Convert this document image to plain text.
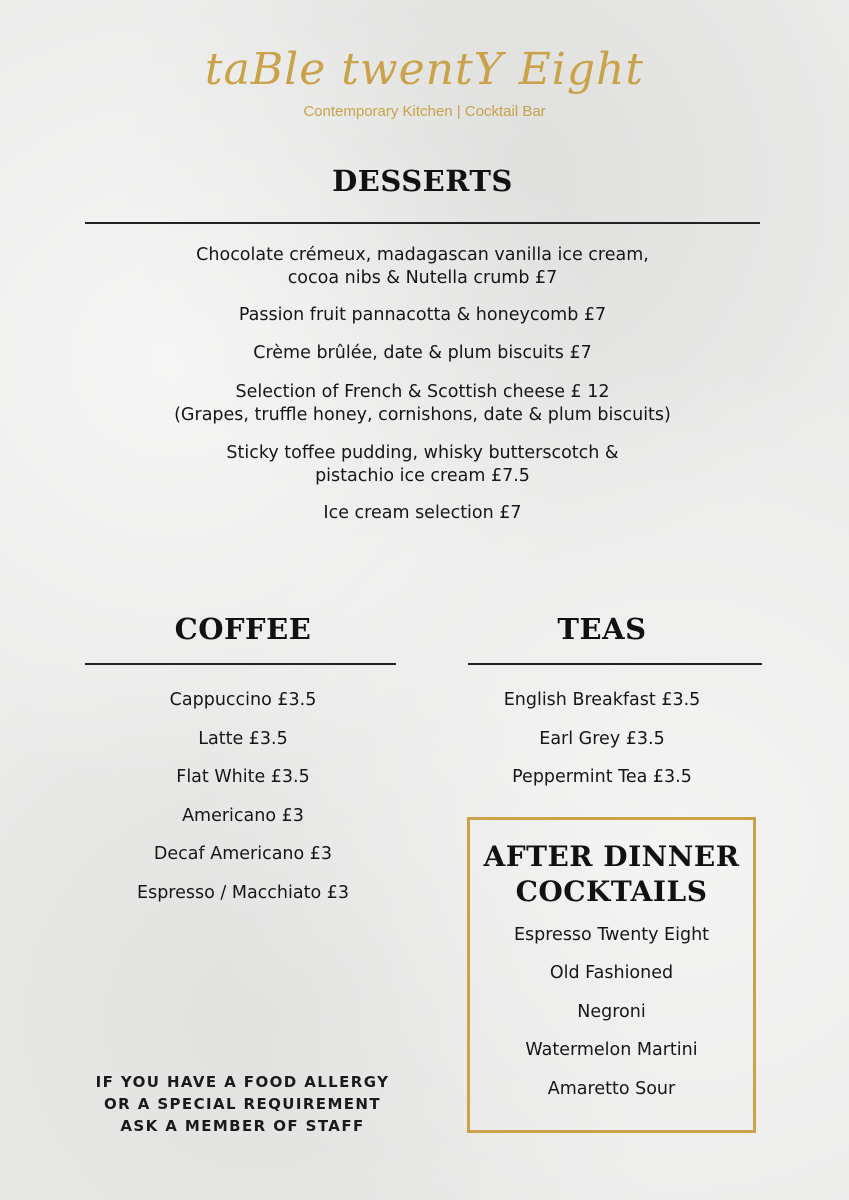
taBle twentY Eight
Contemporary Kitchen | Cocktail Bar
DESSERTS
Chocolate crémeux, madagascan vanilla ice cream,
cocoa nibs & Nutella crumb £7
Passion fruit pannacotta & honeycomb £7
Crème brûlée, date & plum biscuits £7
Selection of French & Scottish cheese £ 12
(Grapes, truffle honey, cornishons, date & plum biscuits)
Sticky toffee pudding, whisky butterscotch &
pistachio ice cream £7.5
Ice cream selection £7
COFFEE
Cappuccino £3.5
Latte £3.5
Flat White £3.5
Americano £3
Decaf Americano £3
Espresso / Macchiato £3
TEAS
English Breakfast £3.5
Earl Grey £3.5
Peppermint Tea £3.5
AFTER DINNER
COCKTAILS
Espresso Twenty Eight
Old Fashioned
Negroni
Watermelon Martini
Amaretto Sour
IF YOU HAVE A FOOD ALLERGY
OR A SPECIAL REQUIREMENT
ASK A MEMBER OF STAFF
